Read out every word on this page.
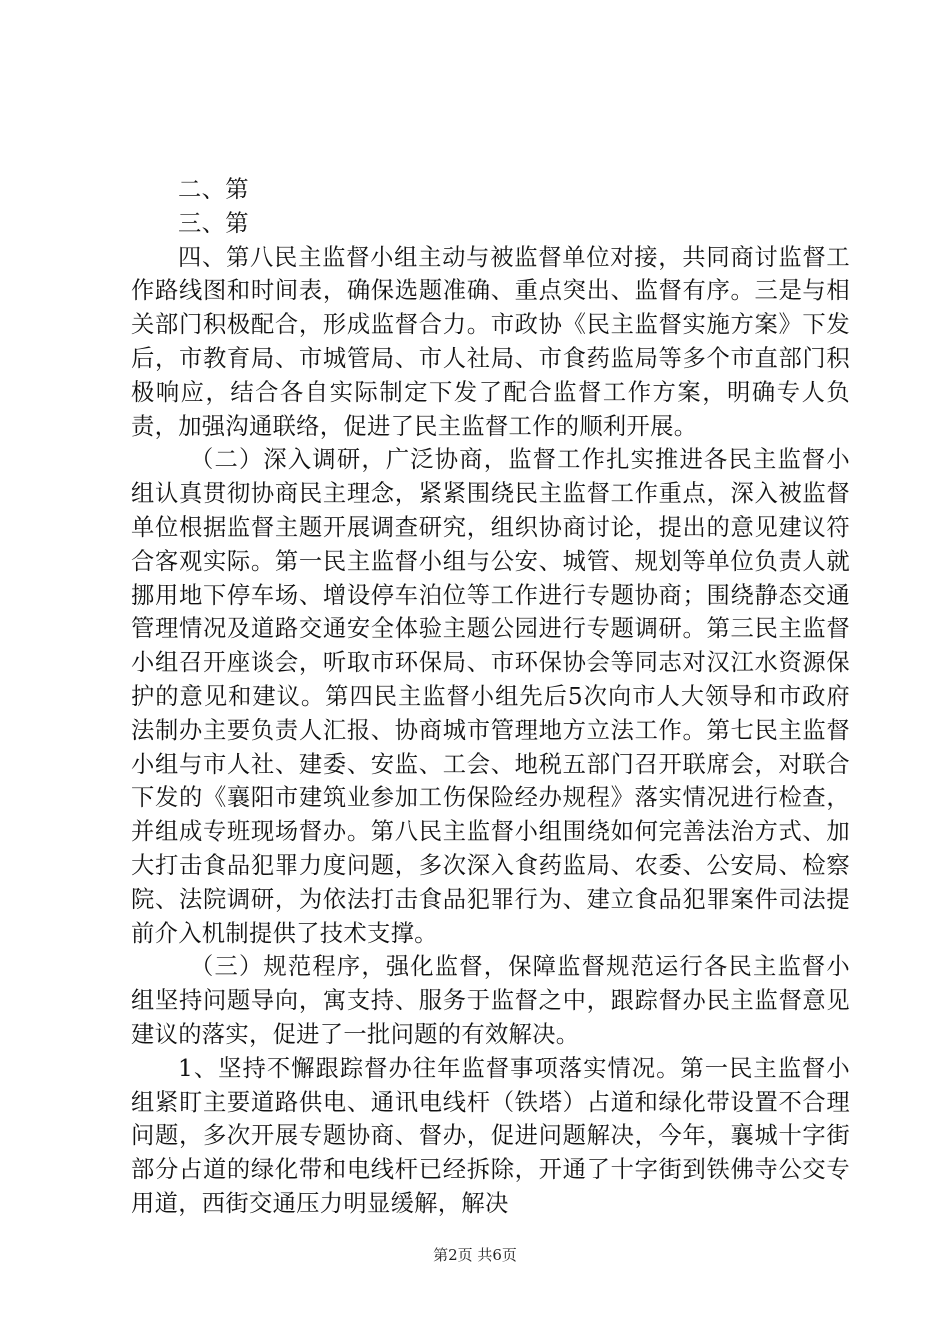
二、第

三、第

四、第八民主监督小组主动与被监督单位对接，共同商讨监督工作路线图和时间表，确保选题准确、重点突出、监督有序。三是与相关部门积极配合，形成监督合力。市政协《民主监督实施方案》下发后，市教育局、市城管局、市人社局、市食药监局等多个市直部门积极响应，结合各自实际制定下发了配合监督工作方案，明确专人负责，加强沟通联络，促进了民主监督工作的顺利开展。

（二）深入调研，广泛协商，监督工作扎实推进各民主监督小组认真贯彻协商民主理念，紧紧围绕民主监督工作重点，深入被监督单位根据监督主题开展调查研究，组织协商讨论，提出的意见建议符合客观实际。第一民主监督小组与公安、城管、规划等单位负责人就挪用地下停车场、增设停车泊位等工作进行专题协商；围绕静态交通管理情况及道路交通安全体验主题公园进行专题调研。第三民主监督小组召开座谈会，听取市环保局、市环保协会等同志对汉江水资源保护的意见和建议。第四民主监督小组先后5次向市人大领导和市政府法制办主要负责人汇报、协商城市管理地方立法工作。第七民主监督小组与市人社、建委、安监、工会、地税五部门召开联席会，对联合下发的《襄阳市建筑业参加工伤保险经办规程》落实情况进行检查，并组成专班现场督办。第八民主监督小组围绕如何完善法治方式、加大打击食品犯罪力度问题，多次深入食药监局、农委、公安局、检察院、法院调研，为依法打击食品犯罪行为、建立食品犯罪案件司法提前介入机制提供了技术支撑。

（三）规范程序，强化监督，保障监督规范运行各民主监督小组坚持问题导向，寓支持、服务于监督之中，跟踪督办民主监督意见建议的落实，促进了一批问题的有效解决。

1、坚持不懈跟踪督办往年监督事项落实情况。第一民主监督小组紧盯主要道路供电、通讯电线杆（铁塔）占道和绿化带设置不合理问题，多次开展专题协商、督办，促进问题解决，今年，襄城十字街部分占道的绿化带和电线杆已经拆除，开通了十字街到铁佛寺公交专用道，西街交通压力明显缓解，解决

第2页 共6页
